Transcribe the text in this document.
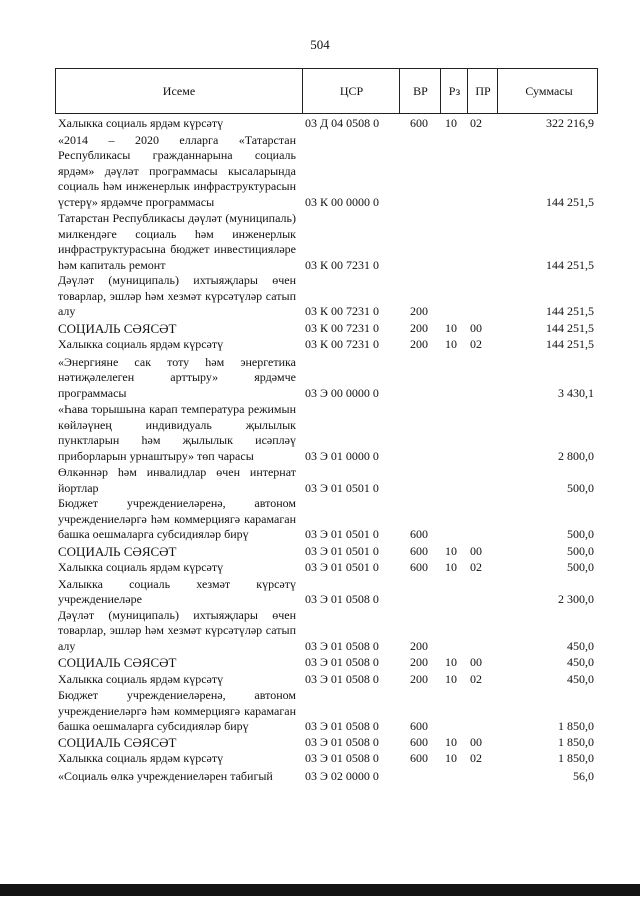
504
Исеме	ЦСР	ВР	Рз	ПР	Суммасы
Халыкка социаль ярдәм күрсәтү	03 Д 04 0508 0	600 10 02	322 216,9
«2014 – 2020 елларга «Татарстан Республикасы гражданнарына социаль ярдәм» дәүләт программасы кысаларында социаль һәм инженерлык инфраструктурасын үстерү» ярдәмче программасы	03 К 00 0000 0	144 251,5
Татарстан Республикасы дәүләт (муниципаль) милкендәге социаль һәм инженерлык инфраструктурасына бюджет инвестицияләре һәм капиталь ремонт	03 К 00 7231 0	144 251,5
Дәүләт (муниципаль) ихтыяҗлары өчен товарлар, эшләр һәм хезмәт күрсәтүләр сатып алу	03 К 00 7231 0	200	144 251,5
СОЦИАЛЬ СӘЯСӘТ	03 К 00 7231 0	200 10 00	144 251,5
Халыкка социаль ярдәм күрсәтү	03 К 00 7231 0	200 10 02	144 251,5
«Энергияне сак тоту һәм энергетика нәтиҗәлелеген арттыру» ярдәмче программасы	03 Э 00 0000 0	3 430,1
«Һава торышына карап температура режимын көйләүнең индивидуаль җылылык пунктларын һәм җылылык исәпләү приборларын урнаштыру» төп чарасы	03 Э 01 0000 0	2 800,0
Өлкәннәр һәм инвалидлар өчен интернат йортлар	03 Э 01 0501 0	500,0
Бюджет учреждениеләренә, автоном учреждениеләргә һәм коммерциягә карамаган башка оешмаларга субсидияләр бирү	03 Э 01 0501 0	600	500,0
СОЦИАЛЬ СӘЯСӘТ	03 Э 01 0501 0	600 10 00	500,0
Халыкка социаль ярдәм күрсәтү	03 Э 01 0501 0	600 10 02	500,0
Халыкка социаль хезмәт күрсәтү учреждениеләре	03 Э 01 0508 0	2 300,0
Дәүләт (муниципаль) ихтыяҗлары өчен товарлар, эшләр һәм хезмәт күрсәтүләр сатып алу	03 Э 01 0508 0	200	450,0
СОЦИАЛЬ СӘЯСӘТ	03 Э 01 0508 0	200 10 00	450,0
Халыкка социаль ярдәм күрсәтү	03 Э 01 0508 0	200 10 02	450,0
Бюджет учреждениеләренә, автоном учреждениеләргә һәм коммерциягә карамаган башка оешмаларга субсидияләр бирү	03 Э 01 0508 0	600	1 850,0
СОЦИАЛЬ СӘЯСӘТ	03 Э 01 0508 0	600 10 00	1 850,0
Халыкка социаль ярдәм күрсәтү	03 Э 01 0508 0	600 10 02	1 850,0
«Социаль өлкә учреждениеләрен табигый	03 Э 02 0000 0	56,0
